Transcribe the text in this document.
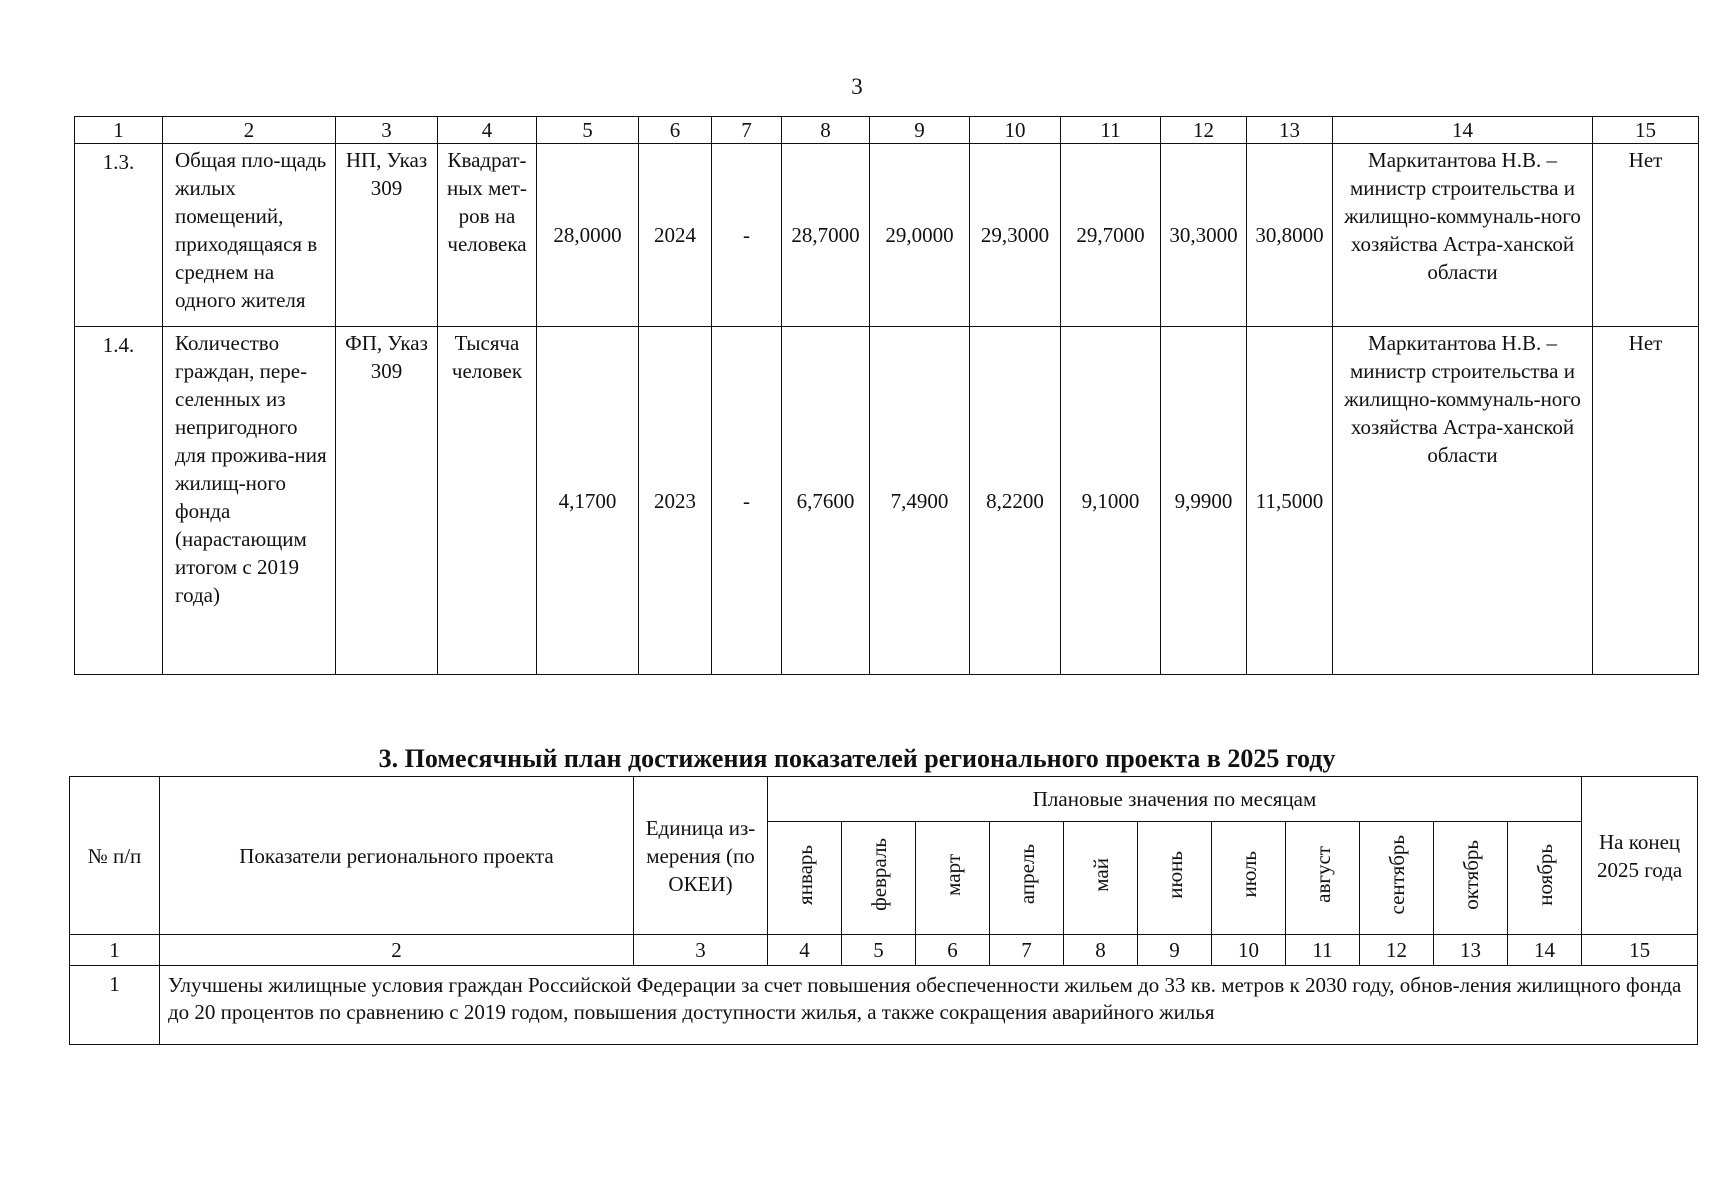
3
1	2	3	4	5	6	7	8	9	10	11	12	13	14	15
1.3.	Общая пло-щадь жилых помещений, приходящаяся в среднем на одного жителя	НП, Указ 309	Квадрат-ных мет-ров на человека	28,0000	2024	-	28,7000	29,0000	29,3000	29,7000	30,3000	30,8000	Маркитантова Н.В. – министр строительства и жилищно-коммуналь-ного хозяйства Астра-ханской области	Нет
1.4.	Количество граждан, пере-селенных из непригодного для прожива-ния жилищ-ного фонда (нарастающим итогом с 2019 года)	ФП, Указ 309	Тысяча человек	4,1700	2023	-	6,7600	7,4900	8,2200	9,1000	9,9900	11,5000	Маркитантова Н.В. – министр строительства и жилищно-коммуналь-ного хозяйства Астра-ханской области	Нет
3. Помесячный план достижения показателей регионального проекта в 2025 году
№ п/п	Показатели регионального проекта	Единица из-мерения (по ОКЕИ)	Плановые значения по месяцам											На конец 2025 года
			январь	февраль	март	апрель	май	июнь	июль	август	сентябрь	октябрь	ноябрь	
1	2	3	4	5	6	7	8	9	10	11	12	13	14	15
1	Улучшены жилищные условия граждан Российской Федерации за счет повышения обеспеченности жильем до 33 кв. метров к 2030 году, обнов-ления жилищного фонда до 20 процентов по сравнению с 2019 годом, повышения доступности жилья, а также сокращения аварийного жилья													
